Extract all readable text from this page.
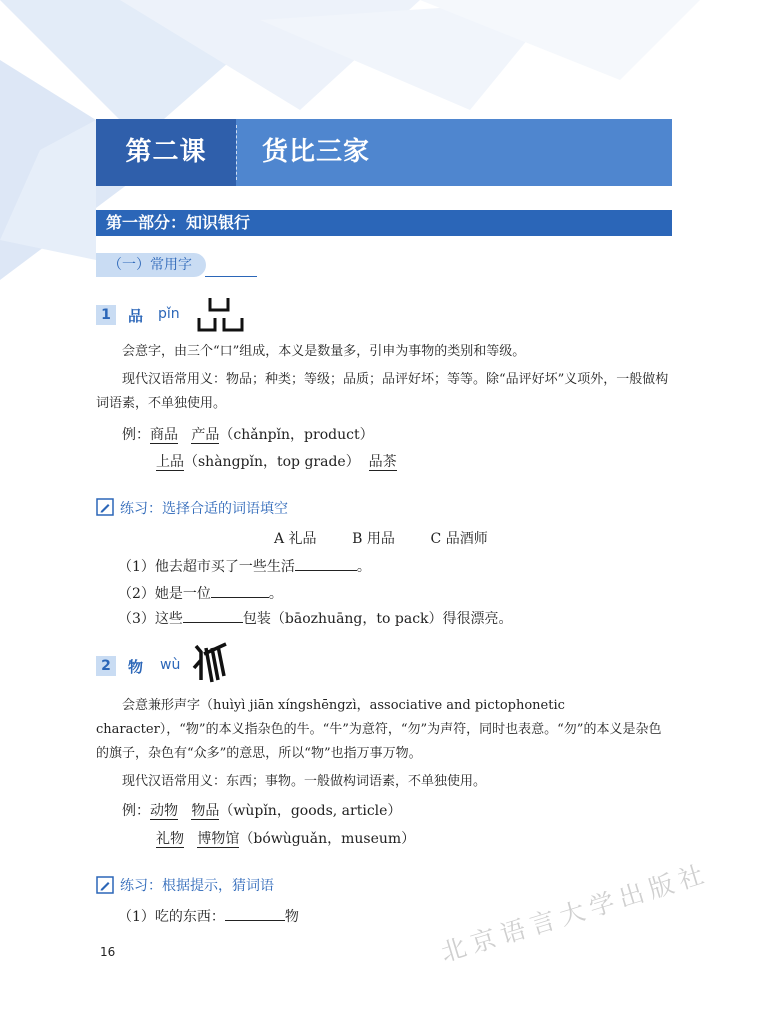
第二课	货比三家
第一部分：知识银行
（一）常用字
1	品 pǐn
会意字，由三个“口”组成，本义是数量多，引申为事物的类别和等级。
现代汉语常用义：物品；种类；等级；品质；品评好坏；等等。除“品评好坏”义项外，一般做构词语素，不单独使用。
例：商品 产品（chǎnpǐn，product）
上品（shàngpǐn，top grade） 品茶
练习：选择合适的词语填空
A 礼品	B 用品	C 品酒师
（1）他去超市买了一些生活	。
（2）她是一位	。
（3）这些	包装（bāozhuāng，to pack）得很漂亮。
2	物 wù
会意兼形声字（huìyì jiān xíngshēngzì，associative and pictophonetic character），“物”的本义指杂色的牛。“牛”为意符，“勿”为声符，同时也表意。“勿”的本义是杂色的旗子，杂色有“众多”的意思，所以“物”也指万事万物。
现代汉语常用义：东西；事物。一般做构词语素，不单独使用。
例：动物 物品（wùpǐn，goods, article）
礼物 博物馆（bówùguǎn，museum）
练习：根据提示，猜词语
（1）吃的东西：	物
16	北京语言大学出版社
